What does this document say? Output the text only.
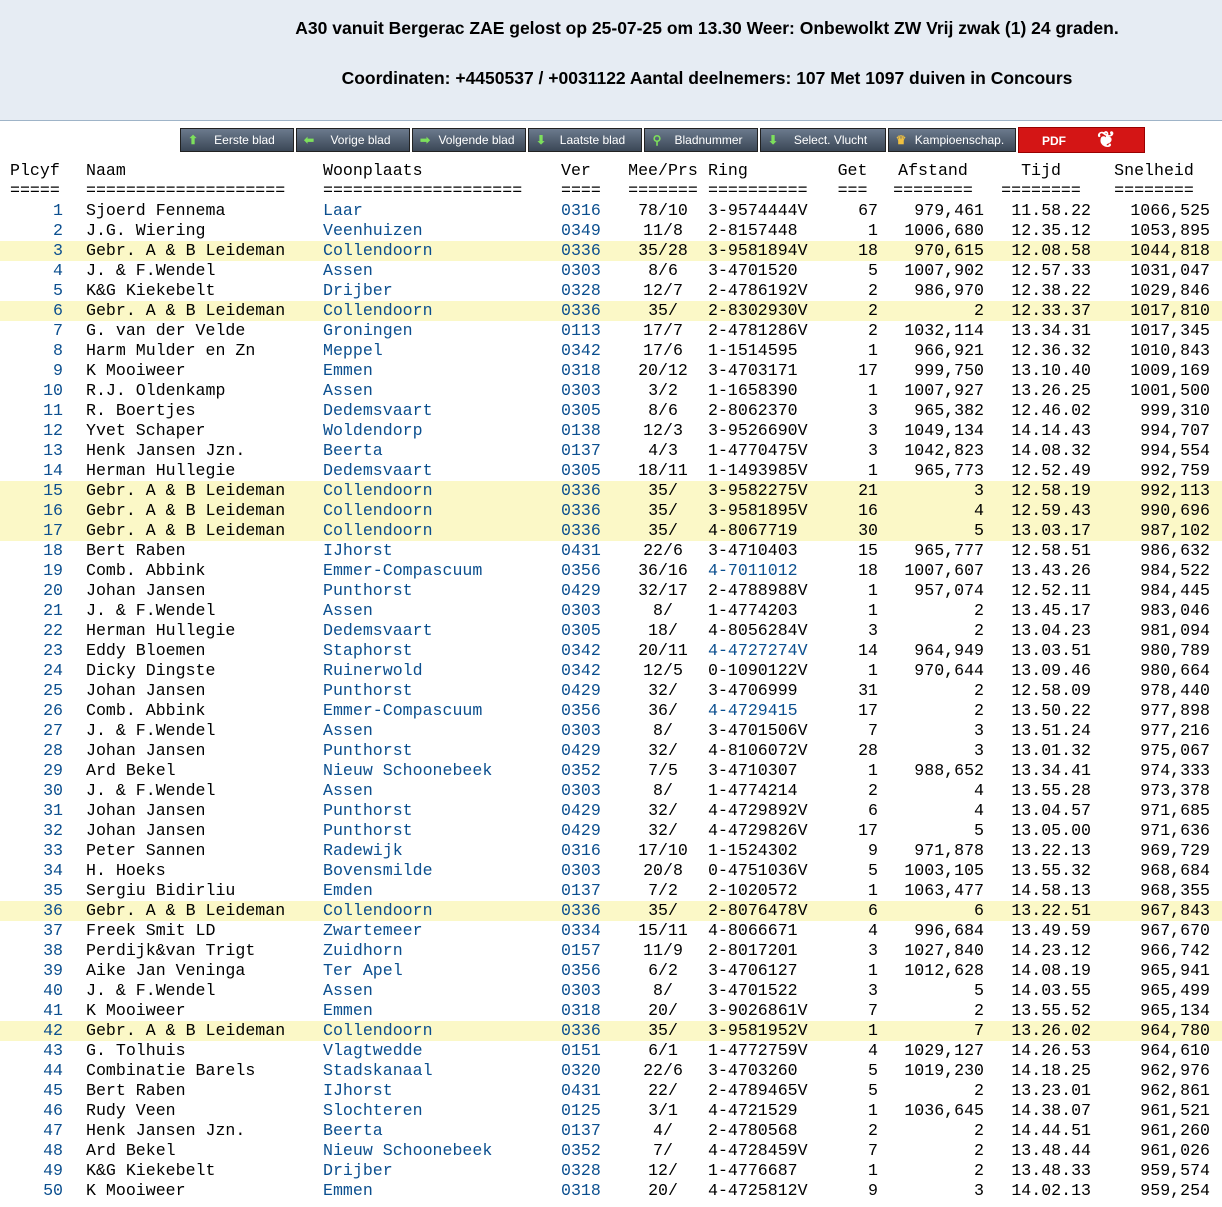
A30 vanuit Bergerac ZAE gelost op 25-07-25 om 13.30 Weer: Onbewolkt ZW Vrij zwak (1) 24 graden.
Coordinaten: +4450537 / +0031122 Aantal deelnemers: 107 Met 1097 duiven in Concours
⬆	Eerste blad	⬅	Vorige blad	➡ Volgende blad	⬇	Laatste blad	⚲	Bladnummer	⬇	Select. Vlucht	♛ Kampioenschap.	PDF ❦
Plcyf	Naam	Woonplaats	Ver	Mee/Prs	Ring	Get	Afstand	Tijd	Snelheid
=====	====================	====================	====	=======	==========	===	========	========	========
1	Sjoerd Fennema	Laar	0316	78/10	3-9574444V	67	979,461	11.58.22	1066,525
2	J.G. Wiering	Veenhuizen	0349	11/8	2-8157448	1	1006,680	12.35.12	1053,895
3	Gebr. A & B Leideman	Collendoorn	0336	35/28	3-9581894V	18	970,615	12.08.58	1044,818
4	J. & F.Wendel	Assen	0303	8/6	3-4701520	5	1007,902	12.57.33	1031,047
5	K&G Kiekebelt	Drijber	0328	12/7	2-4786192V	2	986,970	12.38.22	1029,846
6	Gebr. A & B Leideman	Collendoorn	0336	35/	2-8302930V	2	2	12.33.37	1017,810
7	G. van der Velde	Groningen	0113	17/7	2-4781286V	2	1032,114	13.34.31	1017,345
8	Harm Mulder en Zn	Meppel	0342	17/6	1-1514595	1	966,921	12.36.32	1010,843
9	K Mooiweer	Emmen	0318	20/12	3-4703171	17	999,750	13.10.40	1009,169
10	R.J. Oldenkamp	Assen	0303	3/2	1-1658390	1	1007,927	13.26.25	1001,500
11	R. Boertjes	Dedemsvaart	0305	8/6	2-8062370	3	965,382	12.46.02	999,310
12	Yvet Schaper	Woldendorp	0138	12/3	3-9526690V	3	1049,134	14.14.43	994,707
13	Henk Jansen Jzn.	Beerta	0137	4/3	1-4770475V	3	1042,823	14.08.32	994,554
14	Herman Hullegie	Dedemsvaart	0305	18/11	1-1493985V	1	965,773	12.52.49	992,759
15	Gebr. A & B Leideman	Collendoorn	0336	35/	3-9582275V	21	3	12.58.19	992,113
16	Gebr. A & B Leideman	Collendoorn	0336	35/	3-9581895V	16	4	12.59.43	990,696
17	Gebr. A & B Leideman	Collendoorn	0336	35/	4-8067719	30	5	13.03.17	987,102
18	Bert Raben	IJhorst	0431	22/6	3-4710403	15	965,777	12.58.51	986,632
19	Comb. Abbink	Emmer-Compascuum	0356	36/16	4-7011012	18	1007,607	13.43.26	984,522
20	Johan Jansen	Punthorst	0429	32/17	2-4788988V	1	957,074	12.52.11	984,445
21	J. & F.Wendel	Assen	0303	8/	1-4774203	1	2	13.45.17	983,046
22	Herman Hullegie	Dedemsvaart	0305	18/	4-8056284V	3	2	13.04.23	981,094
23	Eddy Bloemen	Staphorst	0342	20/11	4-4727274V	14	964,949	13.03.51	980,789
24	Dicky Dingste	Ruinerwold	0342	12/5	0-1090122V	1	970,644	13.09.46	980,664
25	Johan Jansen	Punthorst	0429	32/	3-4706999	31	2	12.58.09	978,440
26	Comb. Abbink	Emmer-Compascuum	0356	36/	4-4729415	17	2	13.50.22	977,898
27	J. & F.Wendel	Assen	0303	8/	3-4701506V	7	3	13.51.24	977,216
28	Johan Jansen	Punthorst	0429	32/	4-8106072V	28	3	13.01.32	975,067
29	Ard Bekel	Nieuw Schoonebeek	0352	7/5	3-4710307	1	988,652	13.34.41	974,333
30	J. & F.Wendel	Assen	0303	8/	1-4774214	2	4	13.55.28	973,378
31	Johan Jansen	Punthorst	0429	32/	4-4729892V	6	4	13.04.57	971,685
32	Johan Jansen	Punthorst	0429	32/	4-4729826V	17	5	13.05.00	971,636
33	Peter Sannen	Radewijk	0316	17/10	1-1524302	9	971,878	13.22.13	969,729
34	H. Hoeks	Bovensmilde	0303	20/8	0-4751036V	5	1003,105	13.55.32	968,684
35	Sergiu Bidirliu	Emden	0137	7/2	2-1020572	1	1063,477	14.58.13	968,355
36	Gebr. A & B Leideman	Collendoorn	0336	35/	2-8076478V	6	6	13.22.51	967,843
37	Freek Smit LD	Zwartemeer	0334	15/11	4-8066671	4	996,684	13.49.59	967,670
38	Perdijk&van Trigt	Zuidhorn	0157	11/9	2-8017201	3	1027,840	14.23.12	966,742
39	Aike Jan Veninga	Ter Apel	0356	6/2	3-4706127	1	1012,628	14.08.19	965,941
40	J. & F.Wendel	Assen	0303	8/	3-4701522	3	5	14.03.55	965,499
41	K Mooiweer	Emmen	0318	20/	3-9026861V	7	2	13.55.52	965,134
42	Gebr. A & B Leideman	Collendoorn	0336	35/	3-9581952V	1	7	13.26.02	964,780
43	G. Tolhuis	Vlagtwedde	0151	6/1	1-4772759V	4	1029,127	14.26.53	964,610
44	Combinatie Barels	Stadskanaal	0320	22/6	3-4703260	5	1019,230	14.18.25	962,976
45	Bert Raben	IJhorst	0431	22/	2-4789465V	5	2	13.23.01	962,861
46	Rudy Veen	Slochteren	0125	3/1	4-4721529	1	1036,645	14.38.07	961,521
47	Henk Jansen Jzn.	Beerta	0137	4/	2-4780568	2	2	14.44.51	961,260
48	Ard Bekel	Nieuw Schoonebeek	0352	7/	4-4728459V	7	2	13.48.44	961,026
49	K&G Kiekebelt	Drijber	0328	12/	1-4776687	1	2	13.48.33	959,574
50	K Mooiweer	Emmen	0318	20/	4-4725812V	9	3	14.02.13	959,254
